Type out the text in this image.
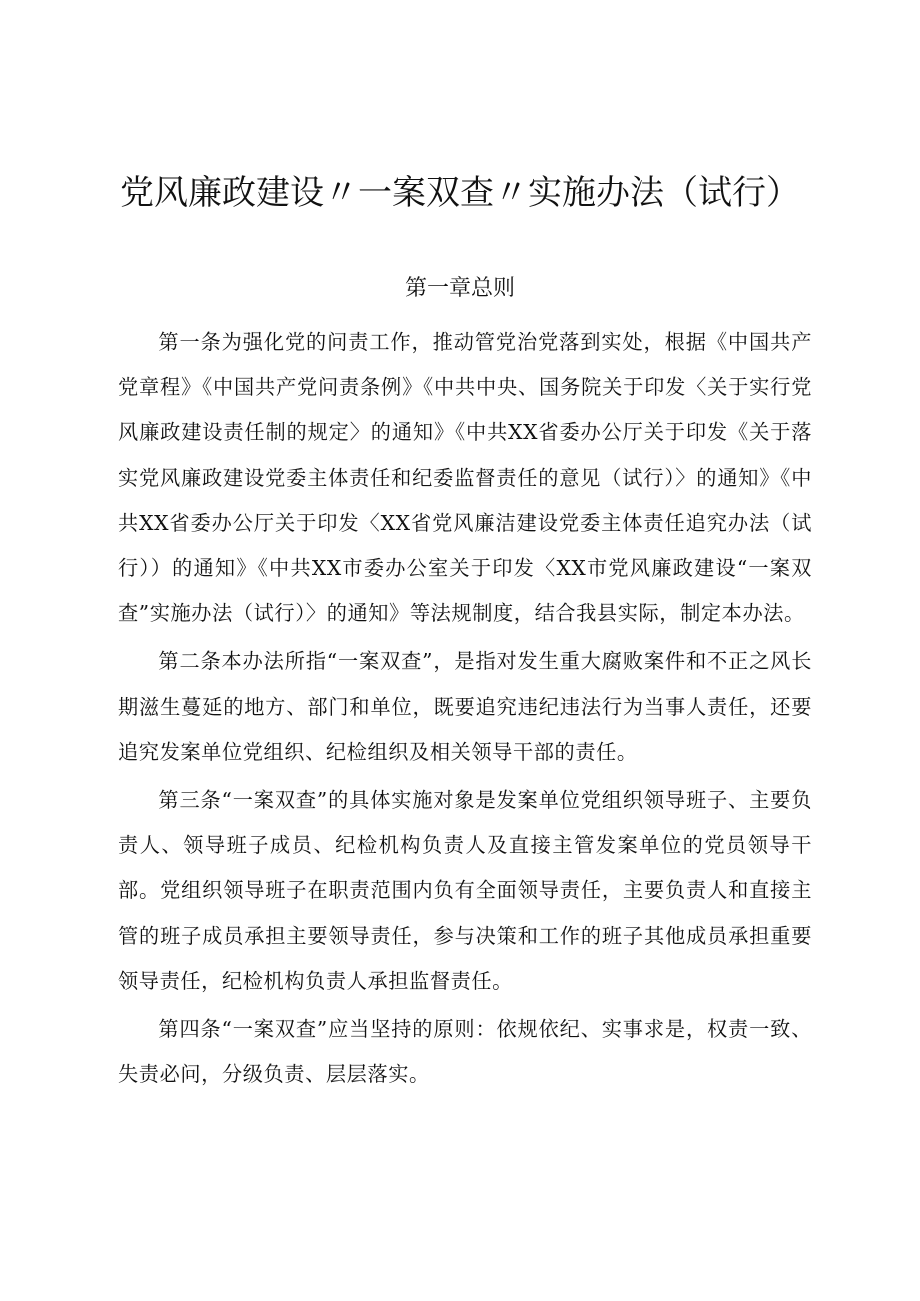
党风廉政建设〃一案双查〃实施办法（试行）
第一章总则

第一条为强化党的问责工作，推动管党治党落到实处，根据《中国共产党章程》《中国共产党问责条例》《中共中央、国务院关于印发〈关于实行党风廉政建设责任制的规定〉的通知》《中共XX省委办公厅关于印发《关于落实党风廉政建设党委主体责任和纪委监督责任的意见（试行）〉的通知》《中共XX省委办公厅关于印发〈XX省党风廉洁建设党委主体责任追究办法（试行））的通知》《中共XX市委办公室关于印发〈XX市党风廉政建设“一案双查”实施办法（试行）〉的通知》等法规制度，结合我县实际，制定本办法。

第二条本办法所指“一案双查”，是指对发生重大腐败案件和不正之风长期滋生蔓延的地方、部门和单位，既要追究违纪违法行为当事人责任，还要追究发案单位党组织、纪检组织及相关领导干部的责任。

第三条“一案双查”的具体实施对象是发案单位党组织领导班子、主要负责人、领导班子成员、纪检机构负责人及直接主管发案单位的党员领导干部。党组织领导班子在职责范围内负有全面领导责任，主要负责人和直接主管的班子成员承担主要领导责任，参与决策和工作的班子其他成员承担重要领导责任，纪检机构负责人承担监督责任。

第四条“一案双查”应当坚持的原则：依规依纪、实事求是，权责一致、失责必问，分级负责、层层落实。
